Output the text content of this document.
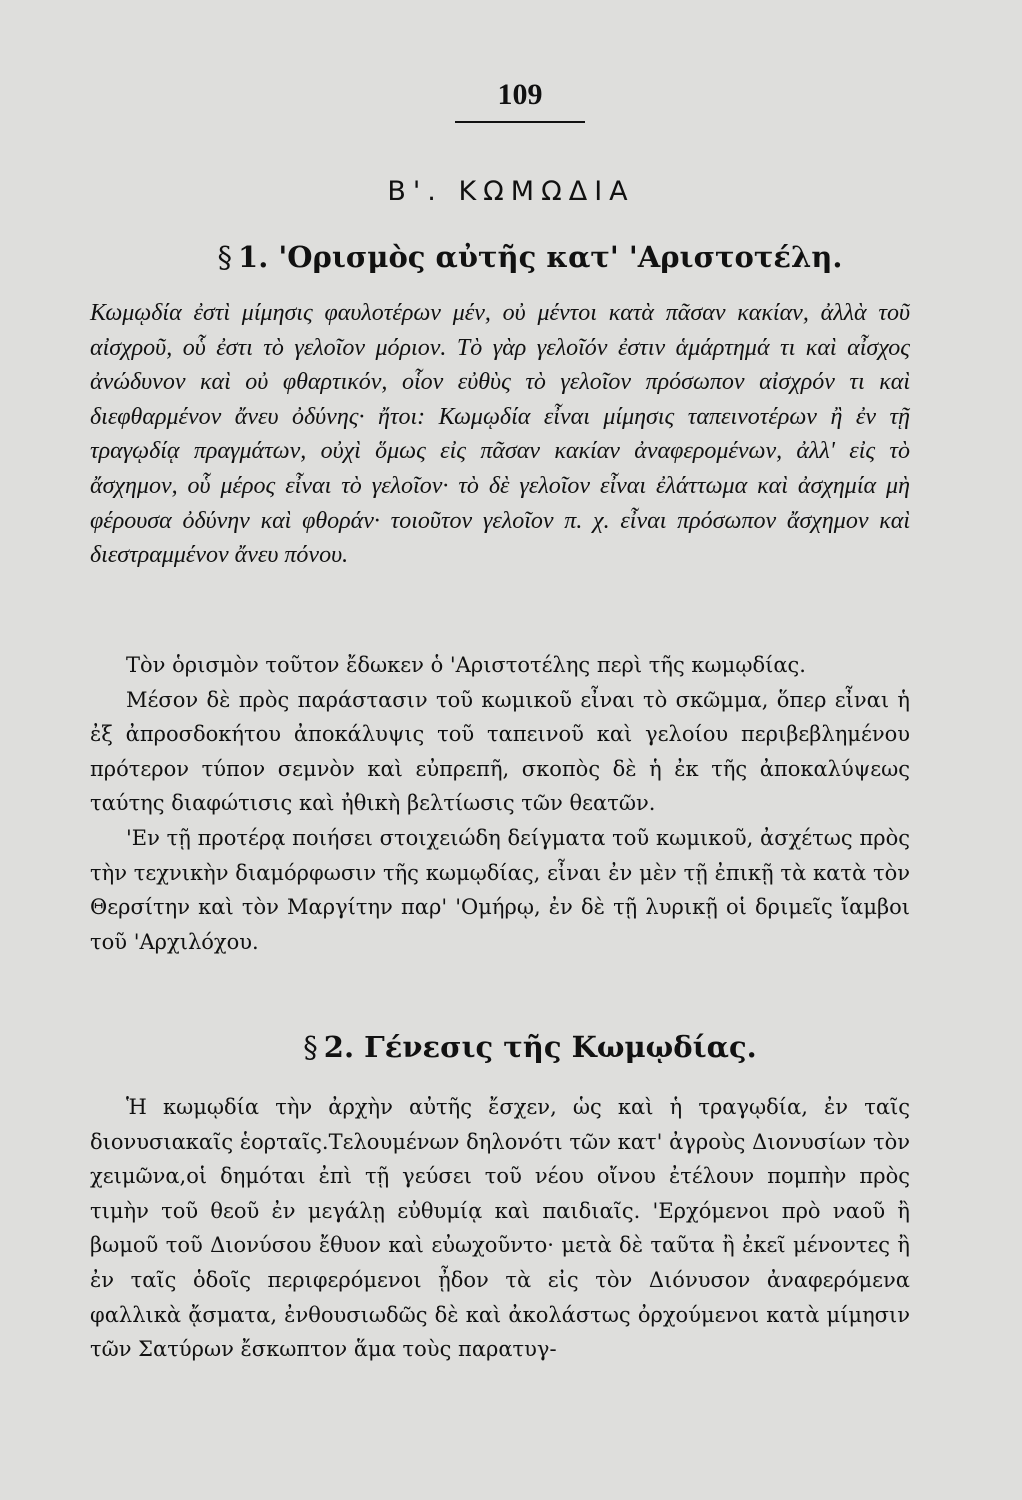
109
Β'. ΚΩΜΩΔΙΑ
§ 1. 'Ορισμὸς αὐτῆς κατ' 'Αριστοτέλη.

Κωμῳδία ἐστὶ μίμησις φαυλοτέρων μέν, οὐ μέντοι κατὰ πᾶσαν κακίαν, ἀλλὰ τοῦ αἰσχροῦ, οὗ ἐστι τὸ γελοῖον μόριον. Τὸ γὰρ γελοῖόν ἐστιν ἁμάρτημά τι καὶ αἶσχος ἀνώδυνον καὶ οὐ φθαρτικόν, οἷον εὐθὺς τὸ γελοῖον πρόσωπον αἰσχρόν τι καὶ διεφθαρμένον ἄνευ ὀδύνης· ἤτοι: Κωμῳδία εἶναι μίμησις ταπεινοτέρων ἢ ἐν τῇ τραγῳδίᾳ πραγμάτων, οὐχὶ ὅμως εἰς πᾶσαν κακίαν ἀναφερομένων, ἀλλ' εἰς τὸ ἄσχημον, οὗ μέρος εἶναι τὸ γελοῖον· τὸ δὲ γελοῖον εἶναι ἐλάττωμα καὶ ἀσχημία μὴ φέρουσα ὀδύνην καὶ φθοράν· τοιοῦτον γελοῖον π. χ. εἶναι πρόσωπον ἄσχημον καὶ διεστραμμένον ἄνευ πόνου.

Τὸν ὁρισμὸν τοῦτον ἔδωκεν ὁ 'Αριστοτέλης περὶ τῆς κωμῳδίας.

Μέσον δὲ πρὸς παράστασιν τοῦ κωμικοῦ εἶναι τὸ σκῶμμα, ὅπερ εἶναι ἡ ἐξ ἀπροσδοκήτου ἀποκάλυψις τοῦ ταπεινοῦ καὶ γελοίου περιβεβλημένου πρότερον τύπον σεμνὸν καὶ εὐπρεπῆ, σκοπὸς δὲ ἡ ἐκ τῆς ἀποκαλύψεως ταύτης διαφώτισις καὶ ἠθικὴ βελτίωσις τῶν θεατῶν.

'Εν τῇ προτέρᾳ ποιήσει στοιχειώδη δείγματα τοῦ κωμικοῦ, ἀσχέτως πρὸς τὴν τεχνικὴν διαμόρφωσιν τῆς κωμῳδίας, εἶναι ἐν μὲν τῇ ἐπικῇ τὰ κατὰ τὸν Θερσίτην καὶ τὸν Μαργίτην παρ' 'Ομήρῳ, ἐν δὲ τῇ λυρικῇ οἱ δριμεῖς ἴαμβοι τοῦ 'Αρχιλόχου.

§ 2. Γένεσις τῆς Κωμῳδίας.

Ἡ κωμῳδία τὴν ἀρχὴν αὐτῆς ἔσχεν, ὡς καὶ ἡ τραγῳδία, ἐν ταῖς διονυσιακαῖς ἑορταῖς.Τελουμένων δηλονότι τῶν κατ' ἀγροὺς Διονυσίων τὸν χειμῶνα,οἱ δημόται ἐπὶ τῇ γεύσει τοῦ νέου οἴνου ἐτέλουν πομπὴν πρὸς τιμὴν τοῦ θεοῦ ἐν μεγάλῃ εὐθυμίᾳ καὶ παιδιαῖς. 'Ερχόμενοι πρὸ ναοῦ ἢ βωμοῦ τοῦ Διονύσου ἔθυον καὶ εὐωχοῦντο· μετὰ δὲ ταῦτα ἢ ἐκεῖ μένοντες ἢ ἐν ταῖς ὁδοῖς περιφερόμενοι ᾖδον τὰ εἰς τὸν Διόνυσον ἀναφερόμενα φαλλικὰ ᾄσματα, ἐνθουσιωδῶς δὲ καὶ ἀκολάστως ὀρχούμενοι κατὰ μίμησιν τῶν Σατύρων ἔσκωπτον ἅμα τοὺς παρατυγ-
